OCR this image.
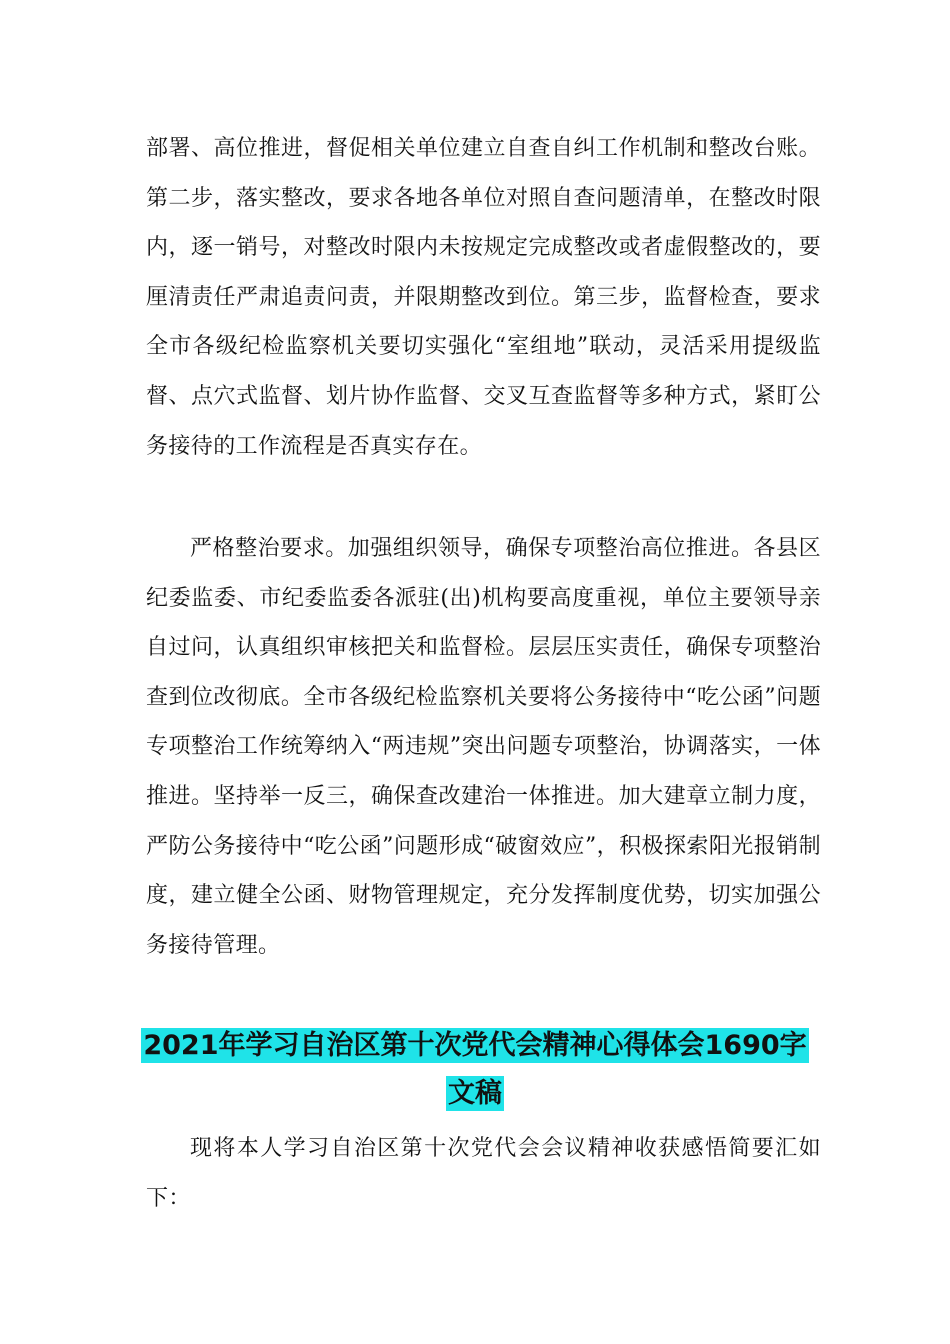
部署、高位推进，督促相关单位建立自查自纠工作机制和整改台账。第二步，落实整改，要求各地各单位对照自查问题清单，在整改时限内，逐一销号，对整改时限内未按规定完成整改或者虚假整改的，要厘清责任严肃追责问责，并限期整改到位。第三步，监督检查，要求全市各级纪检监察机关要切实强化“室组地”联动，灵活采用提级监督、点穴式监督、划片协作监督、交叉互查监督等多种方式，紧盯公务接待的工作流程是否真实存在。

严格整治要求。加强组织领导，确保专项整治高位推进。各县区纪委监委、市纪委监委各派驻(出)机构要高度重视，单位主要领导亲自过问，认真组织审核把关和监督检。层层压实责任，确保专项整治查到位改彻底。全市各级纪检监察机关要将公务接待中“吃公函”问题专项整治工作统筹纳入“两违规”突出问题专项整治，协调落实，一体推进。坚持举一反三，确保查改建治一体推进。加大建章立制力度，严防公务接待中“吃公函”问题形成“破窗效应”，积极探索阳光报销制度，建立健全公函、财物管理规定，充分发挥制度优势，切实加强公务接待管理。

2021年学习自治区第十次党代会精神心得体会1690字文稿

现将本人学习自治区第十次党代会会议精神收获感悟简要汇如下：
